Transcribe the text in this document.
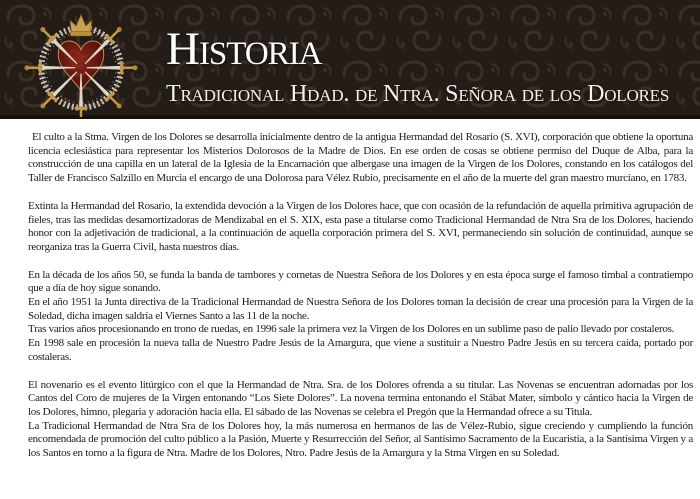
Historia
Tradicional Hdad. de Ntra. Señora de los Dolores

El culto a la Stma. Virgen de los Dolores se desarrolla inicialmente dentro de la antigua Hermandad del Rosario (S. XVI), corporación que obtiene la oportuna licencia eclesiástica para representar los Misterios Dolorosos de la Madre de Dios. En ese orden de cosas se obtiene permiso del Duque de Alba, para la construcción de una capilla en un lateral de la Iglesia de la Encarnación que albergase una imagen de la Virgen de los Dolores, constando en los catálogos del Taller de Francisco Salzillo en Murcia el encargo de una Dolorosa para Vélez Rubio, precisamente en el año de la muerte del gran maestro murciano, en 1783.

Extinta la Hermandad del Rosario, la extendida devoción a la Virgen de los Dolores hace, que con ocasión de la refundación de aquella primitiva agrupación de fieles, tras las medidas desamortizadoras de Mendizabal en el S. XIX, esta pase a titularse como Tradicional Hermandad de Ntra Sra de los Dolores, haciendo honor con la adjetivación de tradicional, a la continuación de aquella corporación primera del S. XVI, permaneciendo sin solución de continuidad, aunque se reorganiza tras la Guerra Civil, hasta nuestros días.

En la década de los años 50, se funda la banda de tambores y cornetas de Nuestra Señora de los Dolores y en esta época surge el famoso timbal a contratiempo que a día de hoy sigue sonando.

En el año 1951 la Junta directiva de la Tradicional Hermandad de Nuestra Señora de los Dolores toman la decisión de crear una procesión para la Virgen de la Soledad, dicha imagen saldría el Viernes Santo a las 11 de la noche.

Tras varios años procesionando en trono de ruedas, en 1996 sale la primera vez la Virgen de los Dolores en un sublime paso de palio llevado por costaleros.

En 1998 sale en procesión la nueva talla de Nuestro Padre Jesús de la Amargura, que viene a sustituir a Nuestro Padre Jesús en su tercera caída, portado por costaleras.

El novenario es el evento litúrgico con el que la Hermandad de Ntra. Sra. de los Dolores ofrenda a su titular. Las Novenas se encuentran adornadas por los Cantos del Coro de mujeres de la Virgen entonando “Los Siete Dolores”. La novena termina entonando el Stábat Mater, símbolo y cántico hacia la Virgen de los Dolores, himno, plegaria y adoración hacia ella. El sábado de las Novenas se celebra el Pregón que la Hermandad ofrece a su Titula.

La Tradicional Hermandad de Ntra Sra de los Dolores hoy, la más numerosa en hermanos de las de Vélez-Rubio, sigue creciendo y cumpliendo la función encomendada de promoción del culto público a la Pasión, Muerte y Resurrección del Señor, al Santísimo Sacramento de la Eucaristía, a la Santísima Virgen y a los Santos en torno a la figura de Ntra. Madre de los Dolores, Ntro. Padre Jesús de la Amargura y la Stma Virgen en su Soledad.
